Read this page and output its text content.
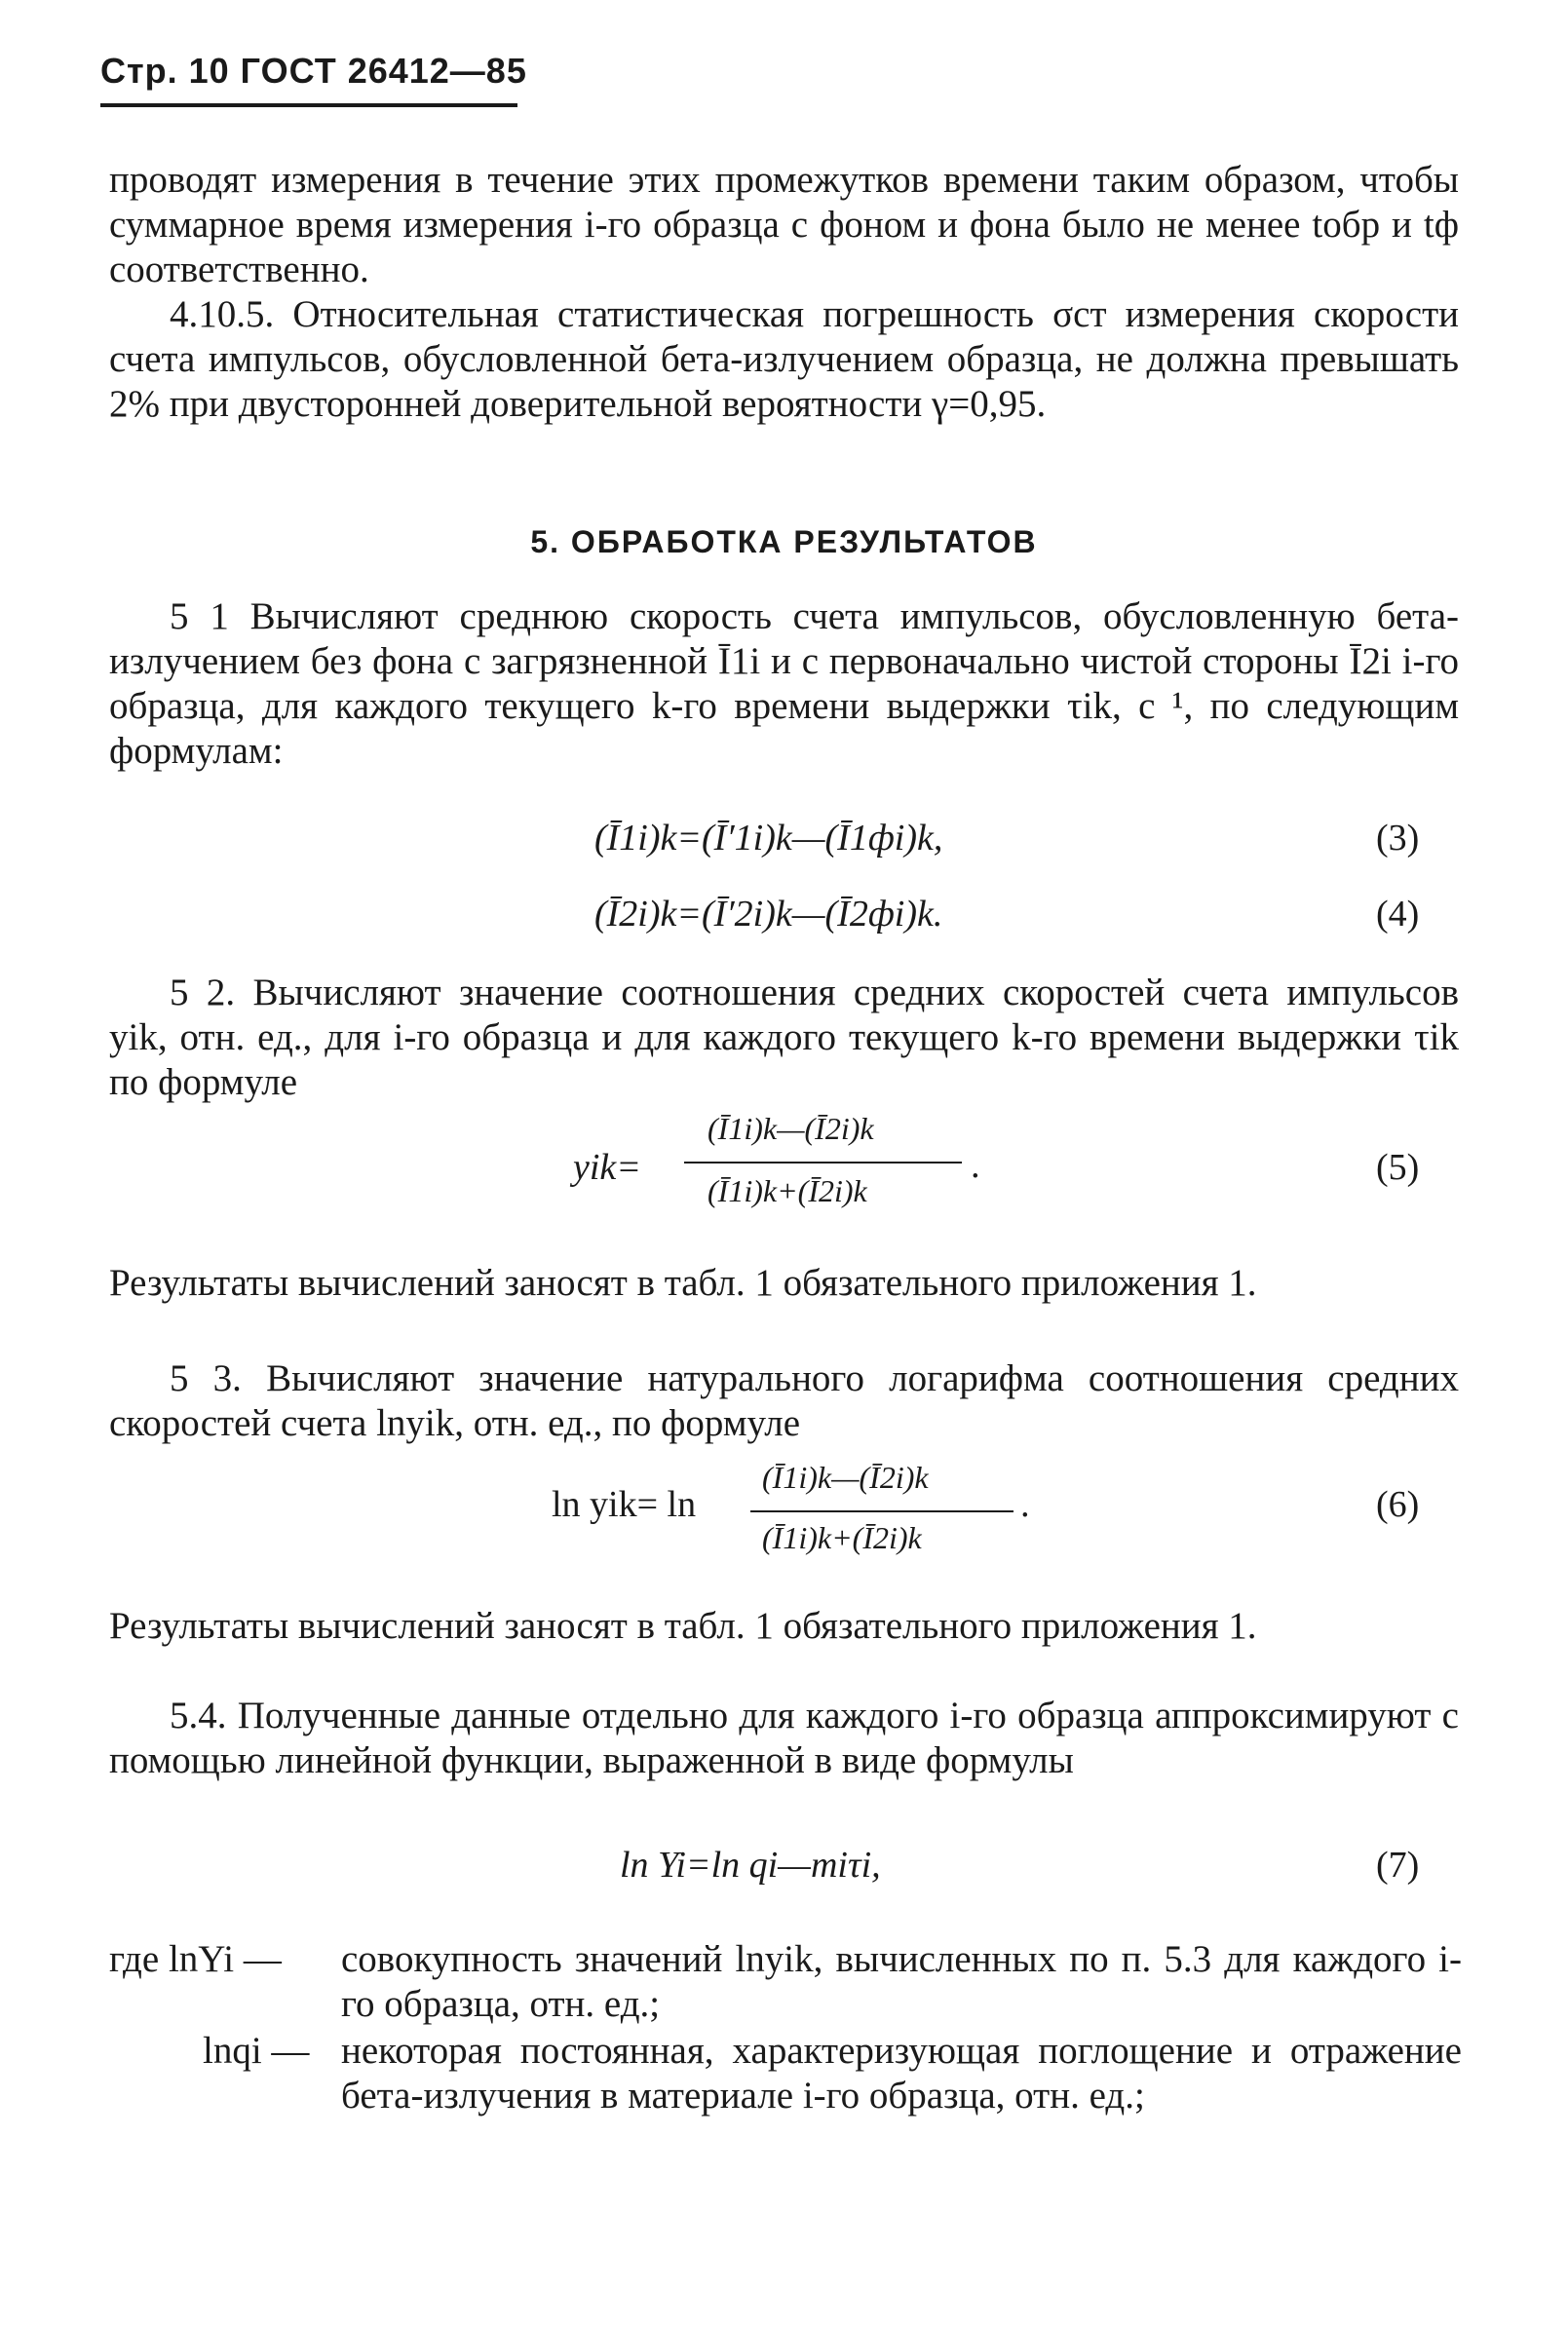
Стр. 10 ГОСТ 26412—85
проводят измерения в течение этих промежутков времени таким образом, чтобы суммарное время измерения i-го образца с фоном и фона было не менее tобр и tф соответственно.
4.10.5. Относительная статистическая погрешность σст измерения скорости счета импульсов, обусловленной бета-излучением образца, не должна превышать 2% при двусторонней доверительной вероятности γ=0,95.
5. ОБРАБОТКА РЕЗУЛЬТАТОВ
5 1 Вычисляют среднюю скорость счета импульсов, обусловленную бета-излучением без фона с загрязненной Ī1i и с первоначально чистой стороны Ī2i i-го образца, для каждого текущего k-го времени выдержки τik, с ¹, по следующим формулам:
(Ī1i)k=(Ī′1i)k—(Ī1фi)k,	(3)
(Ī2i)k=(Ī′2i)k—(Ī2фi)k.	(4)
5 2. Вычисляют значение соотношения средних скоростей счета импульсов yik, отн. ед., для i-го образца и для каждого текущего k-го времени выдержки τik по формуле
yik=
(Ī1i)k—(Ī2i)k
(Ī1i)k+(Ī2i)k
.	(5)
Результаты вычислений заносят в табл. 1 обязательного приложения 1.
5 3. Вычисляют значение натурального логарифма соотношения средних скоростей счета lnyik, отн. ед., по формуле
ln yik= ln
(Ī1i)k—(Ī2i)k
(Ī1i)k+(Ī2i)k
.	(6)
Результаты вычислений заносят в табл. 1 обязательного приложения 1.
5.4. Полученные данные отдельно для каждого i-го образца аппроксимируют с помощью линейной функции, выраженной в виде формулы
ln Yi=ln qi—miτi,	(7)
где lnYi — совокупность значений lnyik, вычисленных по п. 5.3 для каждого i-го образца, отн. ед.;
lnqi — некоторая постоянная, характеризующая поглощение и отражение бета-излучения в материале i-го образца, отн. ед.;
